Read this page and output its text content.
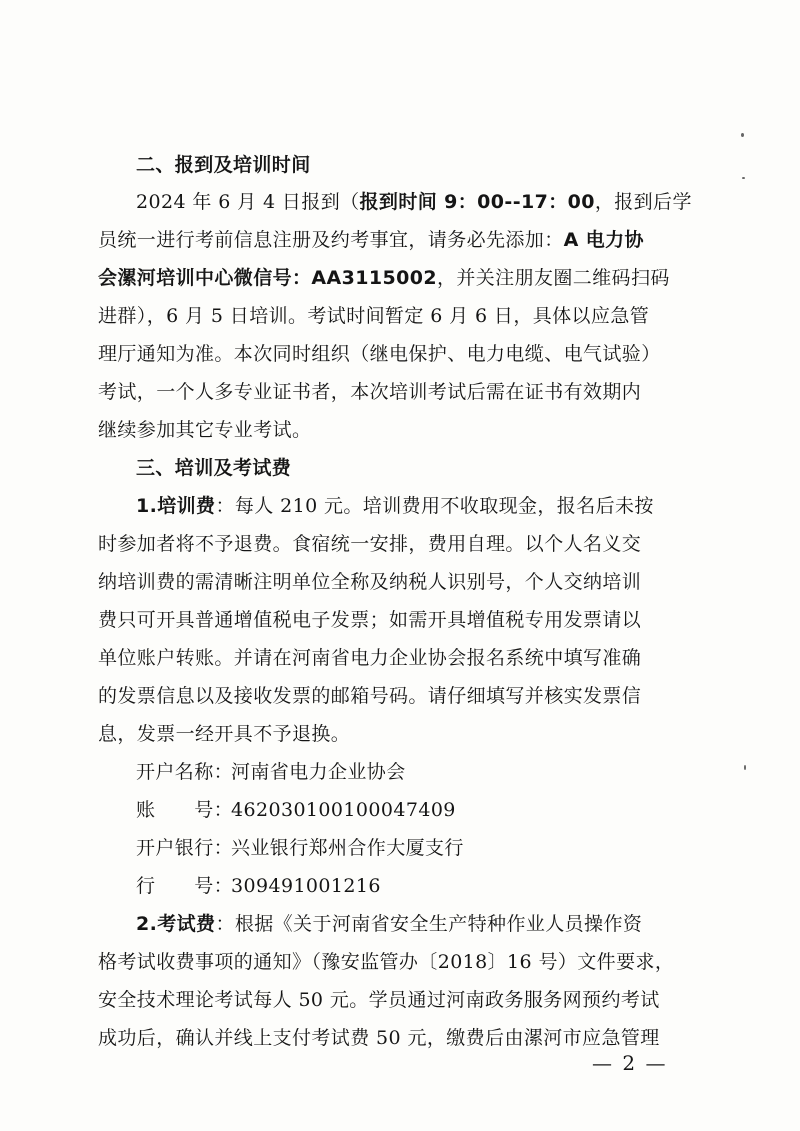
二、报到及培训时间
2024 年 6 月 4 日报到（报到时间 9：00--17：00，报到后学
员统一进行考前信息注册及约考事宜，请务必先添加：A 电力协
会漯河培训中心微信号：AA3115002，并关注朋友圈二维码扫码
进群），6 月 5 日培训。考试时间暂定 6 月 6 日，具体以应急管
理厅通知为准。本次同时组织（继电保护、电力电缆、电气试验）
考试，一个人多专业证书者，本次培训考试后需在证书有效期内
继续参加其它专业考试。
三、培训及考试费
1.培训费：每人 210 元。培训费用不收取现金，报名后未按
时参加者将不予退费。食宿统一安排，费用自理。以个人名义交
纳培训费的需清晰注明单位全称及纳税人识别号，个人交纳培训
费只可开具普通增值税电子发票；如需开具增值税专用发票请以
单位账户转账。并请在河南省电力企业协会报名系统中填写准确
的发票信息以及接收发票的邮箱号码。请仔细填写并核实发票信
息，发票一经开具不予退换。
开户名称：河南省电力企业协会
账　　号：462030100100047409
开户银行：兴业银行郑州合作大厦支行
行　　号：309491001216
2.考试费：根据《关于河南省安全生产特种作业人员操作资
格考试收费事项的通知》（豫安监管办〔2018〕16 号）文件要求，
安全技术理论考试每人 50 元。学员通过河南政务服务网预约考试
成功后，确认并线上支付考试费 50 元，缴费后由漯河市应急管理
— 2 —
